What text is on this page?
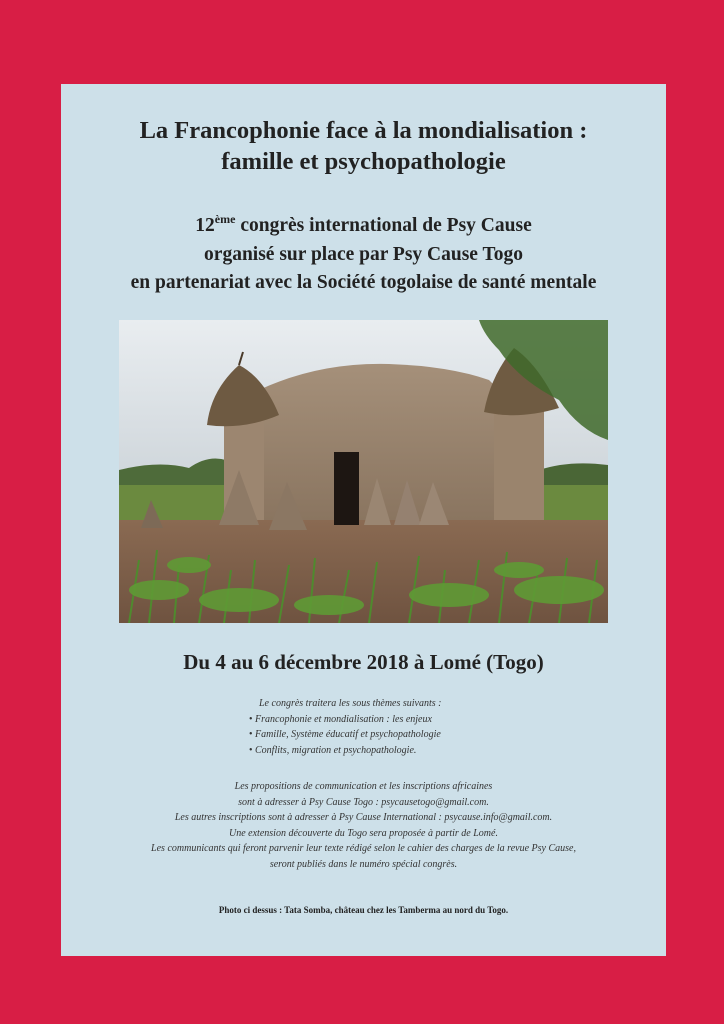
La Francophonie face à la mondialisation :
famille et psychopathologie
12ème congrès international de Psy Cause
organisé sur place par Psy Cause Togo
en partenariat avec la Société togolaise de santé mentale
Du 4 au 6 décembre 2018 à Lomé (Togo)
Le congrès traitera les sous thèmes suivants :
• Francophonie et mondialisation : les enjeux
• Famille, Système éducatif et psychopathologie
• Conflits, migration et psychopathologie.

Les propositions de communication et les inscriptions africaines

sont à adresser à Psy Cause Togo : psycausetogo@gmail.com.

Les autres inscriptions sont à adresser à Psy Cause International : psycause.info@gmail.com.

Une extension découverte du Togo sera proposée à partir de Lomé.

Les communicants qui feront parvenir leur texte rédigé selon le cahier des charges de la revue Psy Cause,

seront publiés dans le numéro spécial congrès.

Photo ci dessus : Tata Somba, château chez les Tamberma au nord du Togo.
